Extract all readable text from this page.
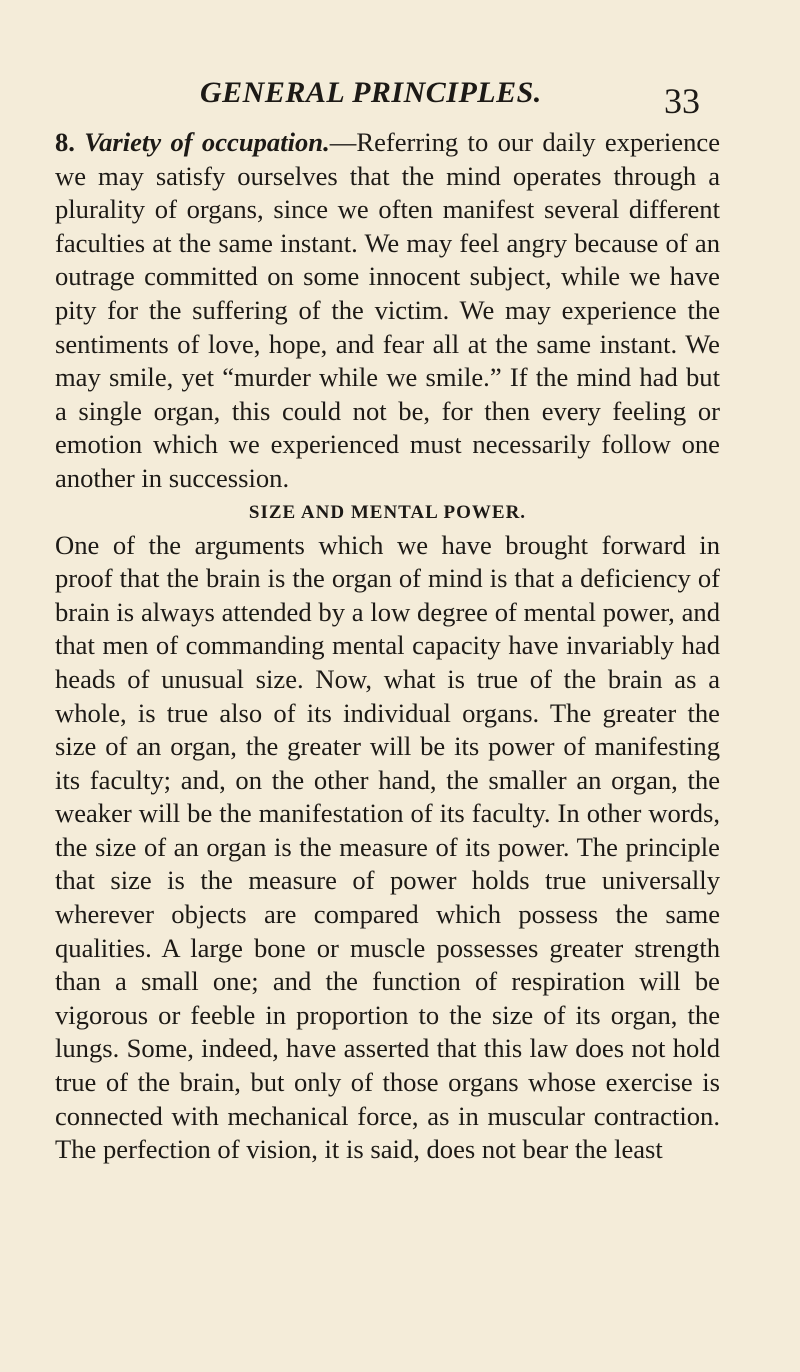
GENERAL PRINCIPLES.	33

8. Variety of occupation.—Referring to our daily experience we may satisfy ourselves that the mind operates through a plurality of organs, since we often manifest several different faculties at the same instant. We may feel angry because of an outrage committed on some innocent subject, while we have pity for the suffering of the victim. We may experience the sentiments of love, hope, and fear all at the same instant. We may smile, yet “murder while we smile.” If the mind had but a single organ, this could not be, for then every feeling or emotion which we experienced must necessarily follow one another in succession.

SIZE AND MENTAL POWER.

One of the arguments which we have brought forward in proof that the brain is the organ of mind is that a deficiency of brain is always attended by a low degree of mental power, and that men of commanding mental capacity have invariably had heads of unusual size. Now, what is true of the brain as a whole, is true also of its individual organs. The greater the size of an organ, the greater will be its power of manifesting its faculty; and, on the other hand, the smaller an organ, the weaker will be the manifestation of its faculty. In other words, the size of an organ is the measure of its power. The principle that size is the measure of power holds true universally wherever objects are compared which possess the same qualities. A large bone or muscle possesses greater strength than a small one; and the function of respiration will be vigorous or feeble in proportion to the size of its organ, the lungs. Some, indeed, have asserted that this law does not hold true of the brain, but only of those organs whose exercise is connected with mechanical force, as in muscular contraction. The perfection of vision, it is said, does not bear the least
